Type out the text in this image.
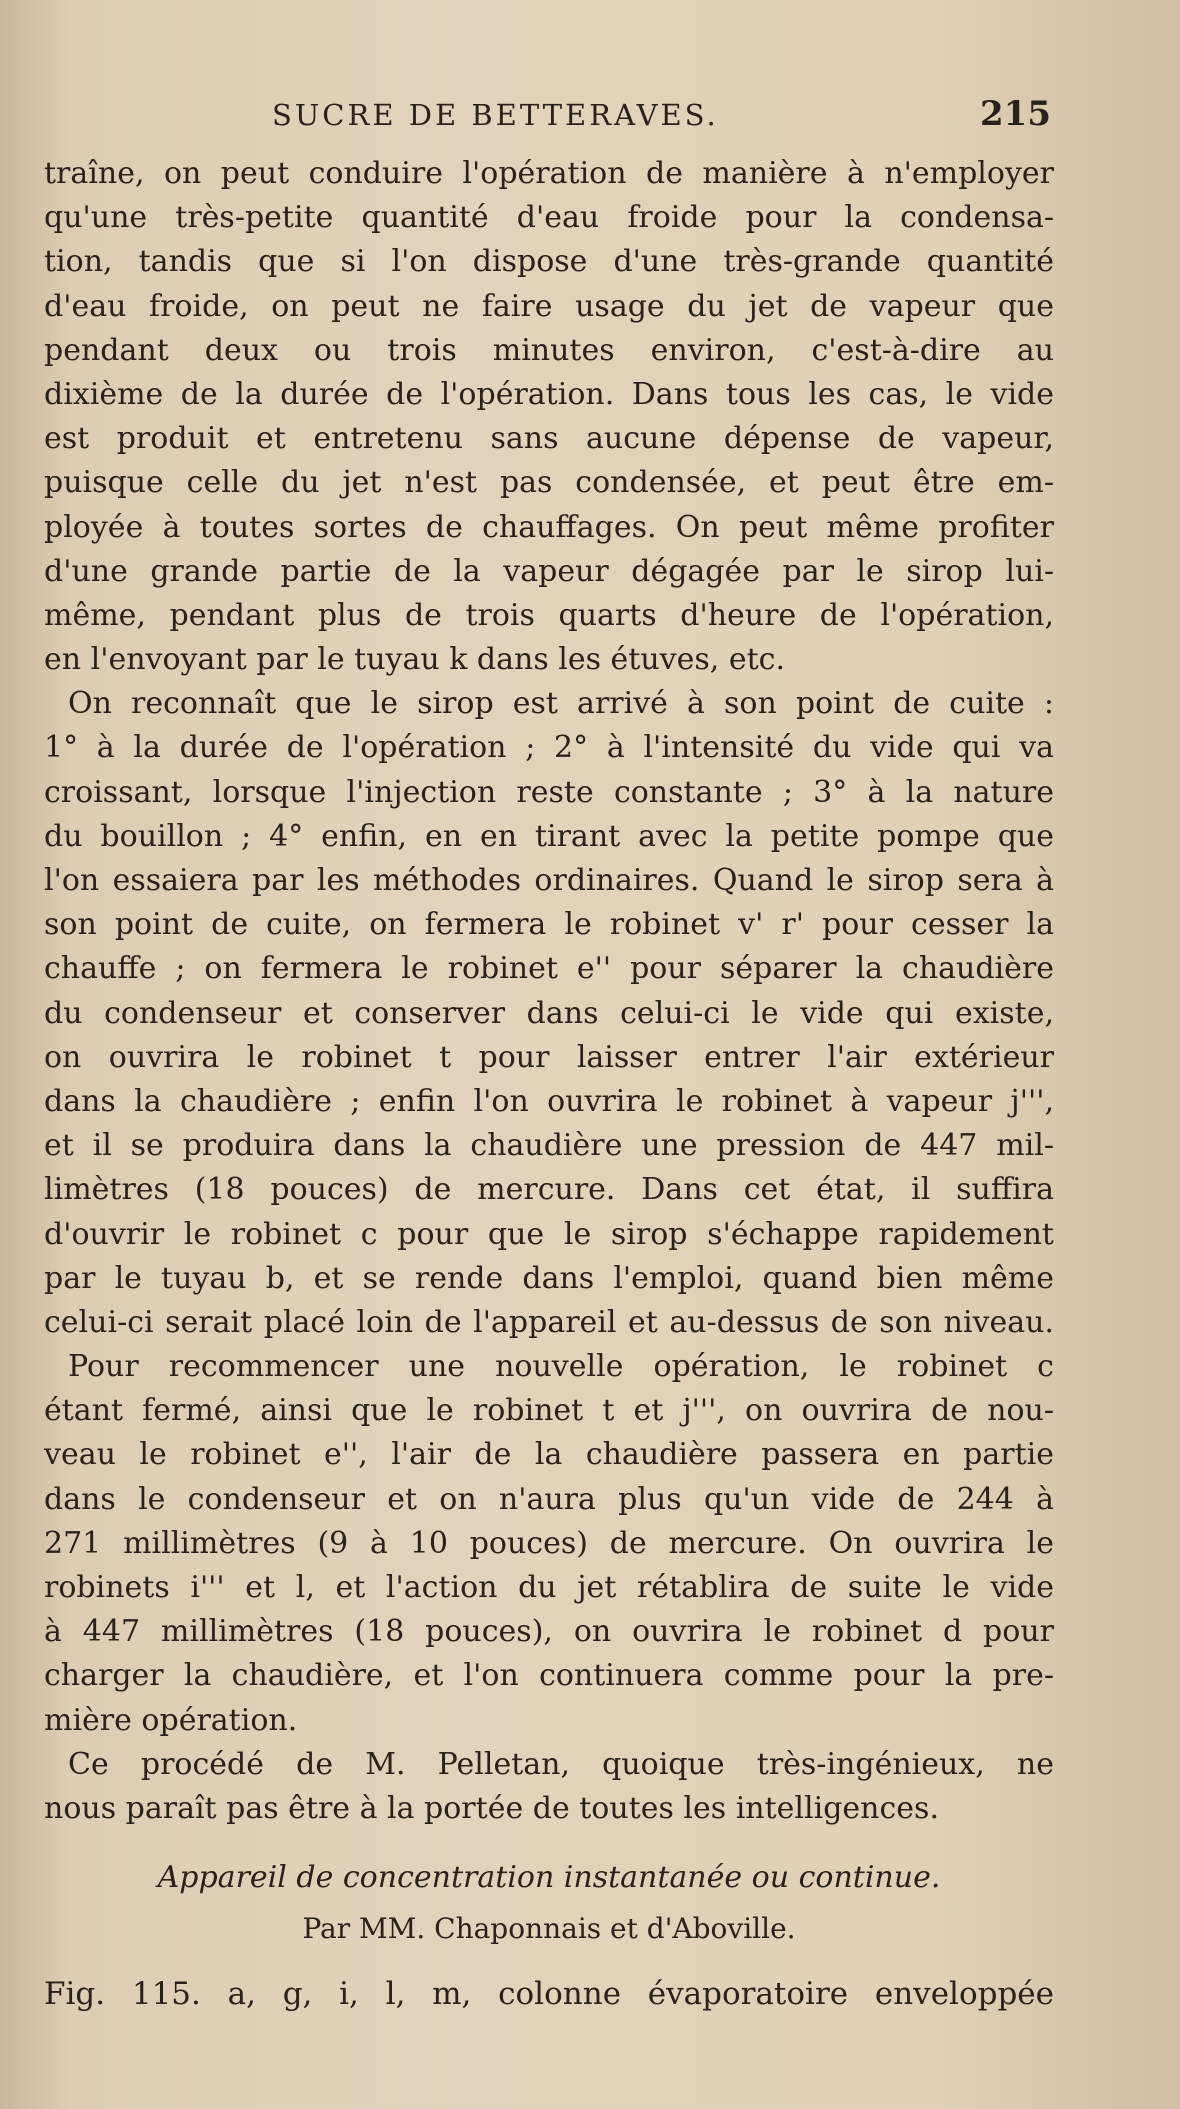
SUCRE DE BETTERAVES.	215
traîne, on peut conduire l'opération de manière à n'employer
qu'une très-petite quantité d'eau froide pour la condensa-
tion, tandis que si l'on dispose d'une très-grande quantité
d'eau froide, on peut ne faire usage du jet de vapeur que
pendant deux ou trois minutes environ, c'est-à-dire au
dixième de la durée de l'opération. Dans tous les cas, le vide
est produit et entretenu sans aucune dépense de vapeur,
puisque celle du jet n'est pas condensée, et peut être em-
ployée à toutes sortes de chauffages. On peut même profiter
d'une grande partie de la vapeur dégagée par le sirop lui-
même, pendant plus de trois quarts d'heure de l'opération,
en l'envoyant par le tuyau k dans les étuves, etc.
On reconnaît que le sirop est arrivé à son point de cuite :
1° à la durée de l'opération ; 2° à l'intensité du vide qui va
croissant, lorsque l'injection reste constante ; 3° à la nature
du bouillon ; 4° enfin, en en tirant avec la petite pompe que
l'on essaiera par les méthodes ordinaires. Quand le sirop sera à
son point de cuite, on fermera le robinet v' r' pour cesser la
chauffe ; on fermera le robinet e'' pour séparer la chaudière
du condenseur et conserver dans celui-ci le vide qui existe,
on ouvrira le robinet t pour laisser entrer l'air extérieur
dans la chaudière ; enfin l'on ouvrira le robinet à vapeur j''',
et il se produira dans la chaudière une pression de 447 mil-
limètres (18 pouces) de mercure. Dans cet état, il suffira
d'ouvrir le robinet c pour que le sirop s'échappe rapidement
par le tuyau b, et se rende dans l'emploi, quand bien même
celui-ci serait placé loin de l'appareil et au-dessus de son niveau.
Pour recommencer une nouvelle opération, le robinet c
étant fermé, ainsi que le robinet t et j''', on ouvrira de nou-
veau le robinet e'', l'air de la chaudière passera en partie
dans le condenseur et on n'aura plus qu'un vide de 244 à
271 millimètres (9 à 10 pouces) de mercure. On ouvrira le
robinets i''' et l, et l'action du jet rétablira de suite le vide
à 447 millimètres (18 pouces), on ouvrira le robinet d pour
charger la chaudière, et l'on continuera comme pour la pre-
mière opération.
Ce procédé de M. Pelletan, quoique très-ingénieux, ne
nous paraît pas être à la portée de toutes les intelligences.
Appareil de concentration instantanée ou continue.
Par MM. Chaponnais et d'Aboville.
Fig. 115. a, g, i, l, m, colonne évaporatoire enveloppée
